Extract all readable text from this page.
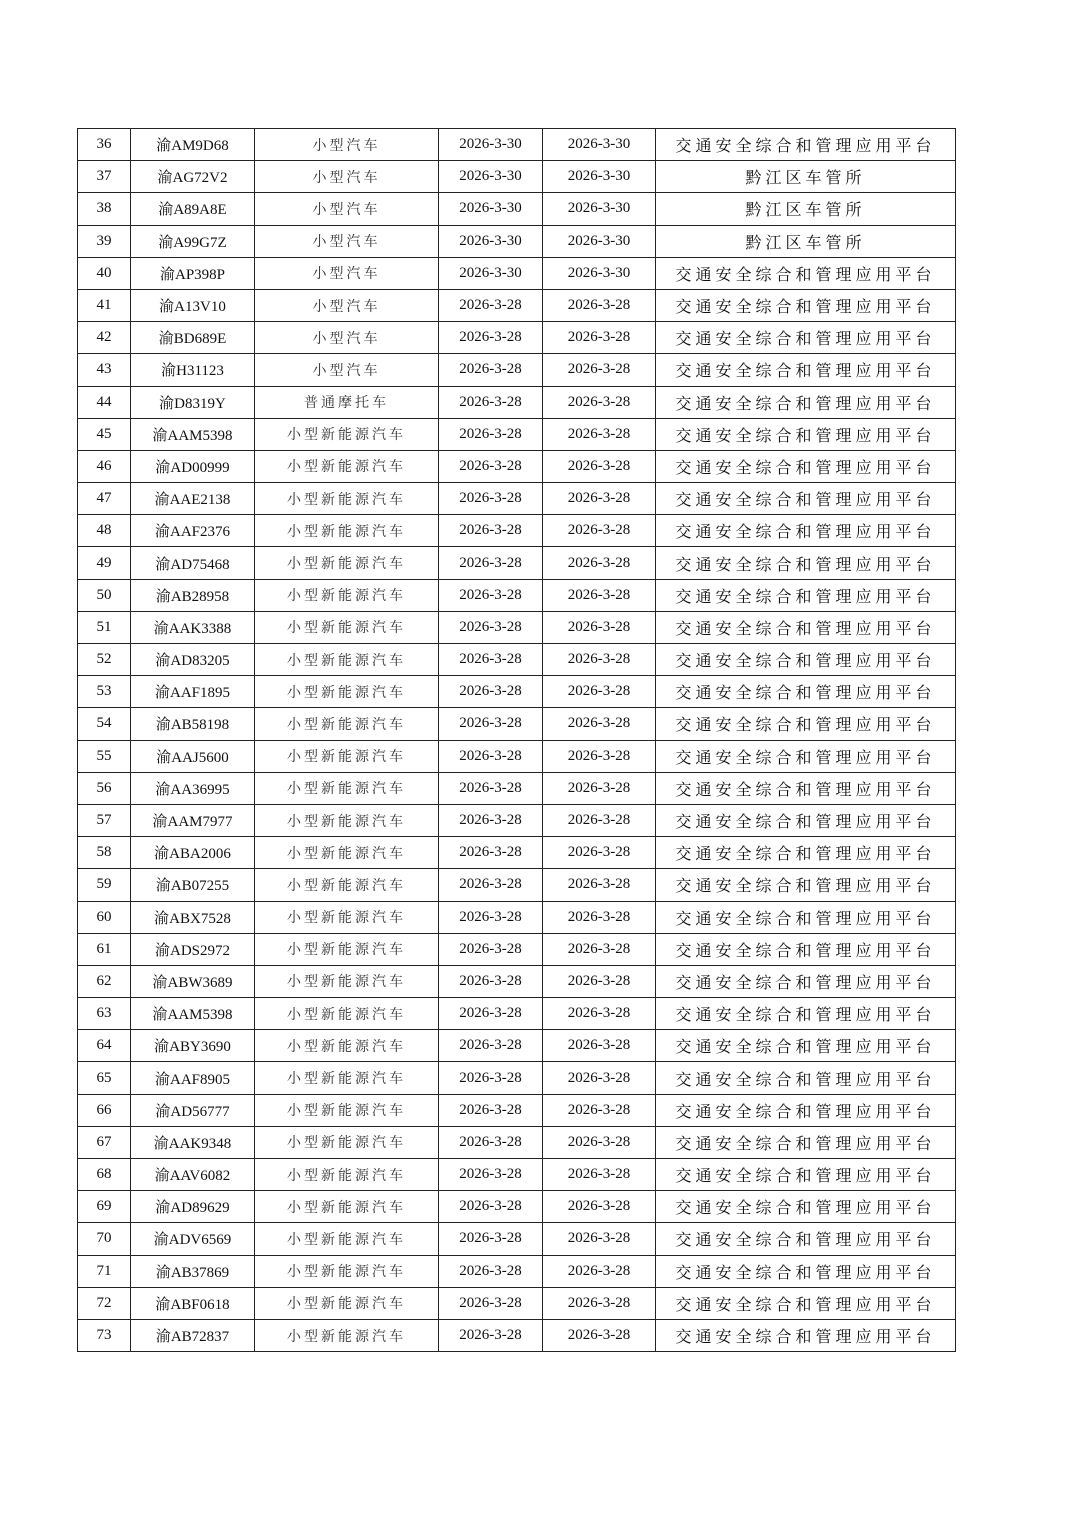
36	渝AM9D68	小型汽车	2026-3-30	2026-3-30	交通安全综合和管理应用平台
37	渝AG72V2	小型汽车	2026-3-30	2026-3-30	黔江区车管所
38	渝A89A8E	小型汽车	2026-3-30	2026-3-30	黔江区车管所
39	渝A99G7Z	小型汽车	2026-3-30	2026-3-30	黔江区车管所
40	渝AP398P	小型汽车	2026-3-30	2026-3-30	交通安全综合和管理应用平台
41	渝A13V10	小型汽车	2026-3-28	2026-3-28	交通安全综合和管理应用平台
42	渝BD689E	小型汽车	2026-3-28	2026-3-28	交通安全综合和管理应用平台
43	渝H31123	小型汽车	2026-3-28	2026-3-28	交通安全综合和管理应用平台
44	渝D8319Y	普通摩托车	2026-3-28	2026-3-28	交通安全综合和管理应用平台
45	渝AAM5398	小型新能源汽车	2026-3-28	2026-3-28	交通安全综合和管理应用平台
46	渝AD00999	小型新能源汽车	2026-3-28	2026-3-28	交通安全综合和管理应用平台
47	渝AAE2138	小型新能源汽车	2026-3-28	2026-3-28	交通安全综合和管理应用平台
48	渝AAF2376	小型新能源汽车	2026-3-28	2026-3-28	交通安全综合和管理应用平台
49	渝AD75468	小型新能源汽车	2026-3-28	2026-3-28	交通安全综合和管理应用平台
50	渝AB28958	小型新能源汽车	2026-3-28	2026-3-28	交通安全综合和管理应用平台
51	渝AAK3388	小型新能源汽车	2026-3-28	2026-3-28	交通安全综合和管理应用平台
52	渝AD83205	小型新能源汽车	2026-3-28	2026-3-28	交通安全综合和管理应用平台
53	渝AAF1895	小型新能源汽车	2026-3-28	2026-3-28	交通安全综合和管理应用平台
54	渝AB58198	小型新能源汽车	2026-3-28	2026-3-28	交通安全综合和管理应用平台
55	渝AAJ5600	小型新能源汽车	2026-3-28	2026-3-28	交通安全综合和管理应用平台
56	渝AA36995	小型新能源汽车	2026-3-28	2026-3-28	交通安全综合和管理应用平台
57	渝AAM7977	小型新能源汽车	2026-3-28	2026-3-28	交通安全综合和管理应用平台
58	渝ABA2006	小型新能源汽车	2026-3-28	2026-3-28	交通安全综合和管理应用平台
59	渝AB07255	小型新能源汽车	2026-3-28	2026-3-28	交通安全综合和管理应用平台
60	渝ABX7528	小型新能源汽车	2026-3-28	2026-3-28	交通安全综合和管理应用平台
61	渝ADS2972	小型新能源汽车	2026-3-28	2026-3-28	交通安全综合和管理应用平台
62	渝ABW3689	小型新能源汽车	2026-3-28	2026-3-28	交通安全综合和管理应用平台
63	渝AAM5398	小型新能源汽车	2026-3-28	2026-3-28	交通安全综合和管理应用平台
64	渝ABY3690	小型新能源汽车	2026-3-28	2026-3-28	交通安全综合和管理应用平台
65	渝AAF8905	小型新能源汽车	2026-3-28	2026-3-28	交通安全综合和管理应用平台
66	渝AD56777	小型新能源汽车	2026-3-28	2026-3-28	交通安全综合和管理应用平台
67	渝AAK9348	小型新能源汽车	2026-3-28	2026-3-28	交通安全综合和管理应用平台
68	渝AAV6082	小型新能源汽车	2026-3-28	2026-3-28	交通安全综合和管理应用平台
69	渝AD89629	小型新能源汽车	2026-3-28	2026-3-28	交通安全综合和管理应用平台
70	渝ADV6569	小型新能源汽车	2026-3-28	2026-3-28	交通安全综合和管理应用平台
71	渝AB37869	小型新能源汽车	2026-3-28	2026-3-28	交通安全综合和管理应用平台
72	渝ABF0618	小型新能源汽车	2026-3-28	2026-3-28	交通安全综合和管理应用平台
73	渝AB72837	小型新能源汽车	2026-3-28	2026-3-28	交通安全综合和管理应用平台
